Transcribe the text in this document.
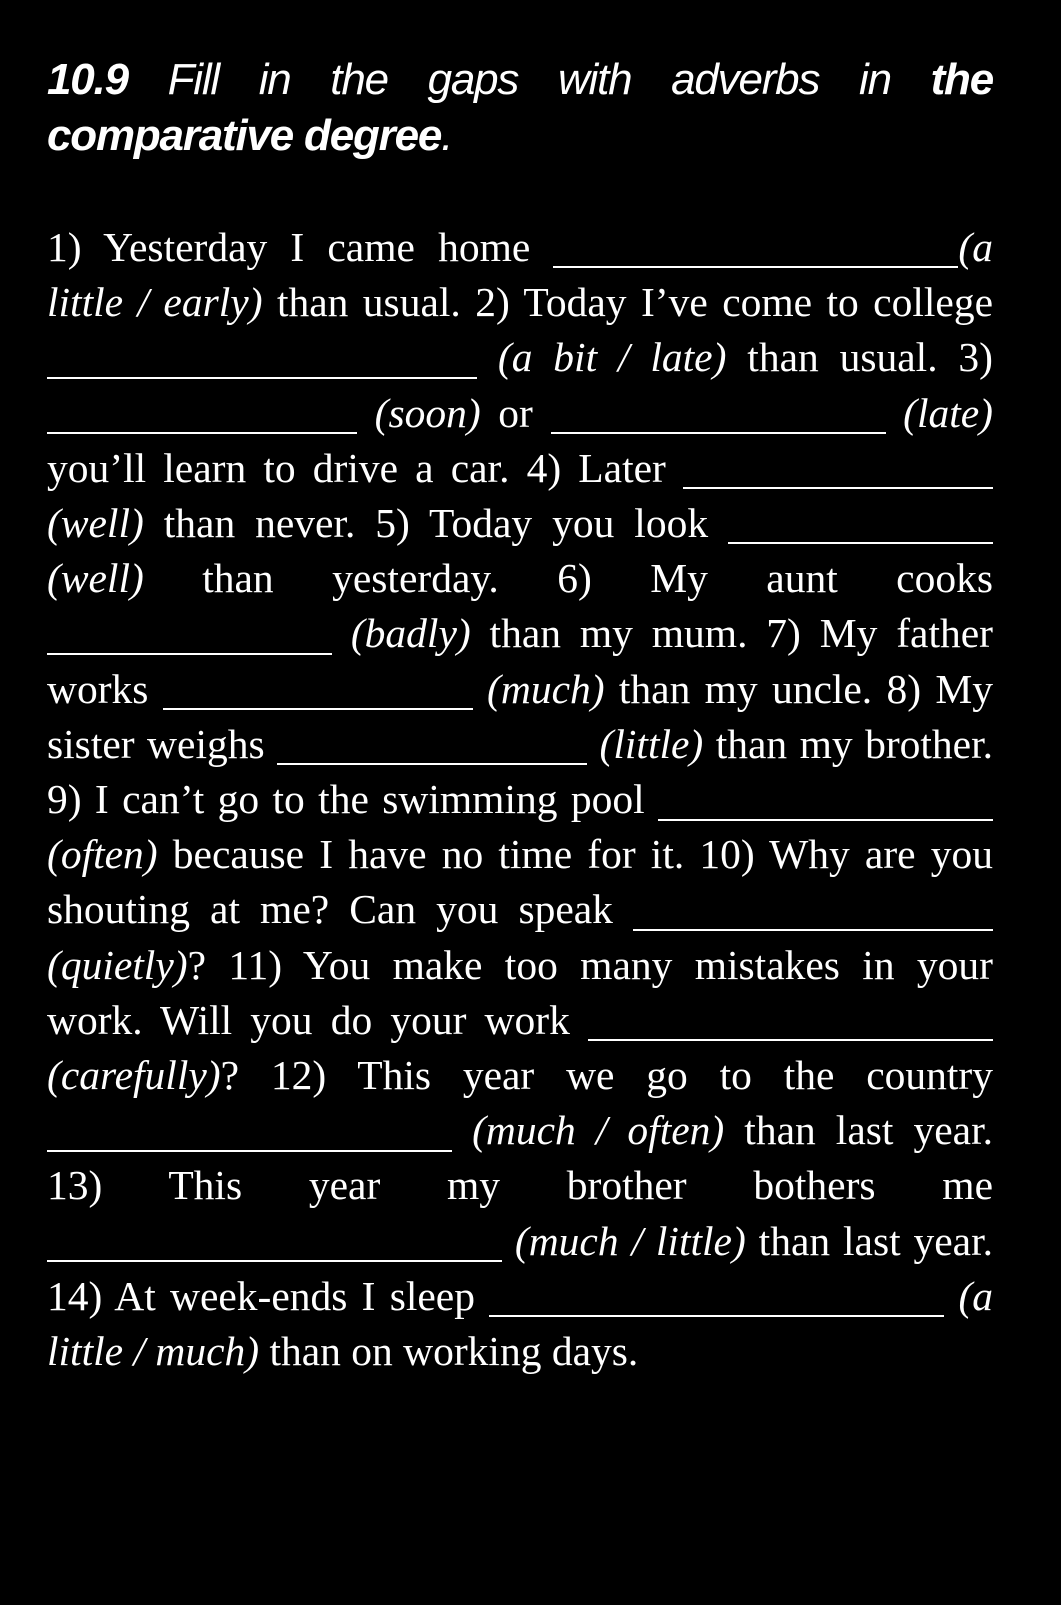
10.9 Fill in the gaps with adverbs in the comparative degree.

1) Yesterday I came home	(a little / early) than usual. 2) Today I’ve come to college  (a bit / late) than usual. 3)  (soon) or	(late) you’ll learn to drive a car. 4) Later  (well) than never. 5) Today you look  (well) than yesterday. 6) My aunt cooks  (badly) than my mum. 7) My father works	(much) than my uncle. 8) My sister weighs	(little) than my brother. 9) I can’t go to the swimming pool  (often) because I have no time for it. 10) Why are you shouting at me? Can you speak  (quietly)? 11) You make too many mistakes in your work. Will you do your work  (carefully)? 12) This year we go to the country  (much / often) than last year. 13) This year my brother bothers me  (much / little) than last year. 14) At week-ends I sleep	(a little / much) than on working days.
